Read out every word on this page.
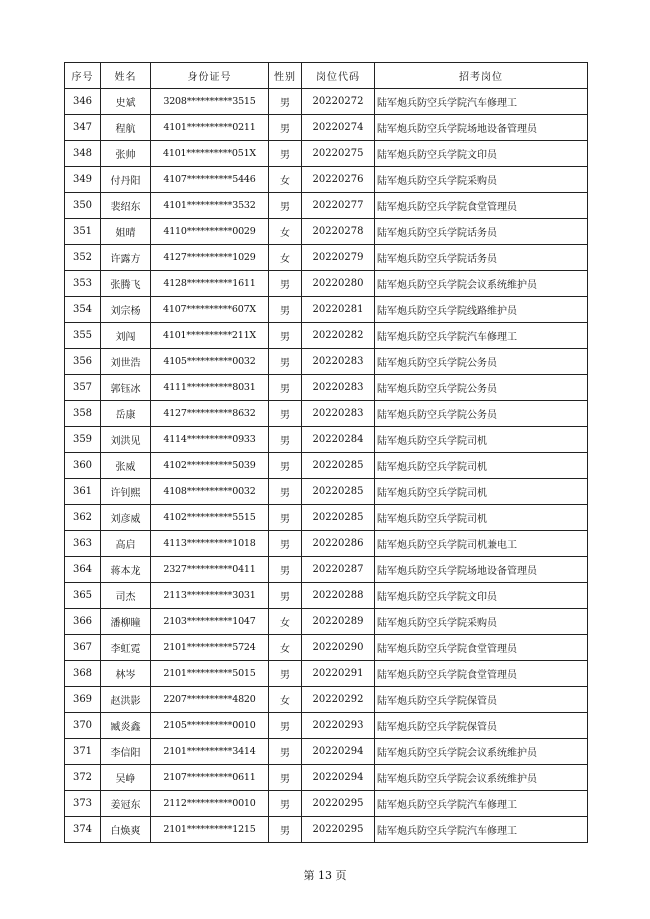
序号	姓名	身份证号	性别	岗位代码	招考岗位
346	史斌	3208**********3515	男	20220272	陆军炮兵防空兵学院汽车修理工
347	程航	4101**********0211	男	20220274	陆军炮兵防空兵学院场地设备管理员
348	张帅	4101**********051X	男	20220275	陆军炮兵防空兵学院文印员
349	付丹阳	4107**********5446	女	20220276	陆军炮兵防空兵学院采购员
350	裴绍东	4101**********3532	男	20220277	陆军炮兵防空兵学院食堂管理员
351	姐晴	4110**********0029	女	20220278	陆军炮兵防空兵学院话务员
352	许露方	4127**********1029	女	20220279	陆军炮兵防空兵学院话务员
353	张腾飞	4128**********1611	男	20220280	陆军炮兵防空兵学院会议系统维护员
354	刘宗杨	4107**********607X	男	20220281	陆军炮兵防空兵学院线路维护员
355	刘闯	4101**********211X	男	20220282	陆军炮兵防空兵学院汽车修理工
356	刘世浩	4105**********0032	男	20220283	陆军炮兵防空兵学院公务员
357	郭钰冰	4111**********8031	男	20220283	陆军炮兵防空兵学院公务员
358	岳康	4127**********8632	男	20220283	陆军炮兵防空兵学院公务员
359	刘洪见	4114**********0933	男	20220284	陆军炮兵防空兵学院司机
360	张威	4102**********5039	男	20220285	陆军炮兵防空兵学院司机
361	许钊熙	4108**********0032	男	20220285	陆军炮兵防空兵学院司机
362	刘彦威	4102**********5515	男	20220285	陆军炮兵防空兵学院司机
363	高启	4113**********1018	男	20220286	陆军炮兵防空兵学院司机兼电工
364	蒋本龙	2327**********0411	男	20220287	陆军炮兵防空兵学院场地设备管理员
365	司杰	2113**********3031	男	20220288	陆军炮兵防空兵学院文印员
366	潘柳瞳	2103**********1047	女	20220289	陆军炮兵防空兵学院采购员
367	李虹霓	2101**********5724	女	20220290	陆军炮兵防空兵学院食堂管理员
368	林岑	2101**********5015	男	20220291	陆军炮兵防空兵学院食堂管理员
369	赵洪影	2207**********4820	女	20220292	陆军炮兵防空兵学院保管员
370	臧炎鑫	2105**********0010	男	20220293	陆军炮兵防空兵学院保管员
371	李信阳	2101**********3414	男	20220294	陆军炮兵防空兵学院会议系统维护员
372	吴峥	2107**********0611	男	20220294	陆军炮兵防空兵学院会议系统维护员
373	姜冠东	2112**********0010	男	20220295	陆军炮兵防空兵学院汽车修理工
374	白焕爽	2101**********1215	男	20220295	陆军炮兵防空兵学院汽车修理工
第 13 页
